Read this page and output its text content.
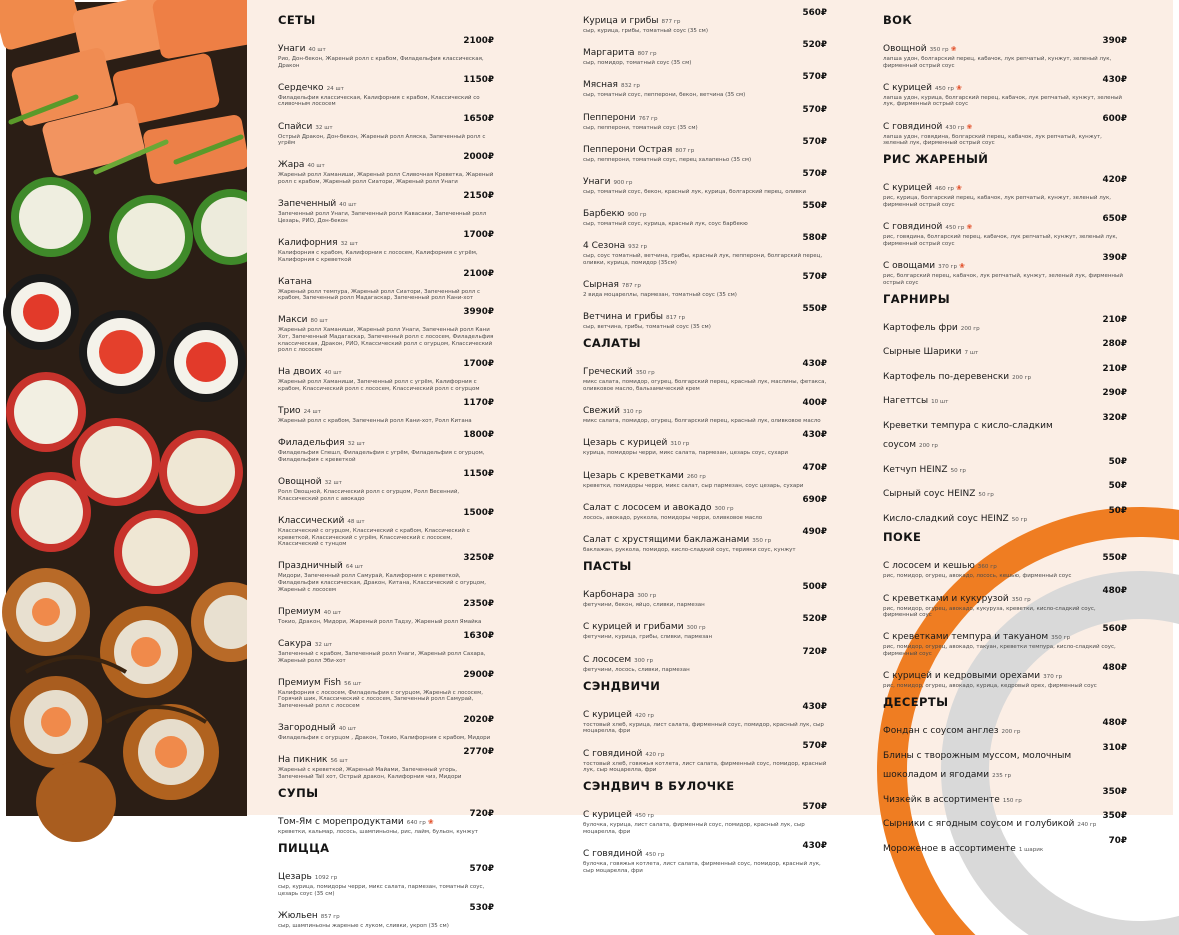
СЕТЫ
Унаги 40 шт
2100₽
Рио, Дон-бекон, Жареный ролл с крабом, Филадельфия классическая, Дракон
Сердечко 24 шт
1150₽
Филадельфия классическая, Калифорния с крабом, Классический со сливочным лососем
Спайси 32 шт
1650₽
Острый Дракон, Дон-бекон, Жареный ролл Аляска, Запеченный ролл с угрём
Жара 40 шт
2000₽
Жареный ролл Хаманиши, Жареный ролл Сливочная Креветка, Жареный ролл с крабом, Жареный ролл Сиатори, Жареный ролл Унаги
Запеченный 40 шт
2150₽
Запеченный ролл Унаги, Запеченный ролл Кавасаки, Запеченный ролл Цезарь, РИО, Дон-бекон
Калифорния 32 шт
1700₽
Калифорния с крабом, Калифорния с лососем, Калифорния с угрём, Калифорния с креветкой
Катана
2100₽
Жареный ролл темпура, Жареный ролл Сиатори, Запеченный ролл с крабом, Запеченный ролл Мадагаскар, Запеченный ролл Кани-хот
Макси 80 шт
3990₽
Жареный ролл Хаманиши, Жареный ролл Унаги, Запеченный ролл Кани Хот, Запеченный Мадагаскар, Запеченный ролл с лососем, Филадельфия классическая, Дракон, РИО, Классический ролл с огурцом, Классический ролл с лососем
На двоих 40 шт
1700₽
Жареный ролл Хаманиши, Запеченный ролл с угрём, Калифорния с крабом, Классический ролл с лососем, Классический ролл с огурцом
Трио 24 шт
1170₽
Жареный ролл с крабом, Запеченный ролл Кани-хот, Ролл Китана
Филадельфия 32 шт
1800₽
Филадельфия Спешл, Филадельфия с угрём, Филадельфия с огурцом, Филадельфия с креветкой
Овощной 32 шт
1150₽
Ролл Овощной, Классический ролл с огурцом, Ролл Весенний, Классический ролл с авокадо
Классический 48 шт
1500₽
Классический с огурцом, Классический с крабом, Классический с креветкой, Классический с угрём, Классический с лососем, Классический с тунцом
Праздничный 64 шт
3250₽
Мидори, Запеченный ролл Самурай, Калифорния с креветкой, Филадельфия классическая, Дракон, Китана, Классический с огурцом, Жареный с лососем
Премиум 40 шт
2350₽
Токио, Дракон, Мидори, Жареный ролл Тадзу, Жареный ролл Ямайка
Сакура 32 шт
1630₽
Запеченный с крабом, Запеченный ролл Унаги, Жареный ролл Сахара, Жареный ролл Эби-хот
Премиум Fish 56 шт
2900₽
Калифорния с лососем, Филадельфия с огурцом, Жареный с лососем, Горячий шик, Классический с лососем, Запеченный ролл Самурай, Запеченный ролл с лососем
Загородный 40 шт
2020₽
Филадельфия с огурцом , Дракон, Токио, Калифорния с крабом, Мидори
На пикник 56 шт
2770₽
Жареный с креветкой, Жареный Майами, Запеченный угорь, Запеченный Tail хот, Острый дракон, Калифорния чиз, Мидори
СУПЫ
Том-Ям с морепродуктами 640 гр ❀
720₽
креветки, кальмар, лосось, шампиньоны, рис, лайм, бульон, кунжут
ПИЦЦА
Цезарь 1092 гр
570₽
сыр, курица, помидоры черри, микс салата, пармезан, томатный соус, цезарь соус (35 см)
Жюльен 857 гр
530₽
сыр, шампиньоны жареные с луком, сливки, укроп (35 см)
Курица и грибы 877 гр
560₽
сыр, курица, грибы, томатный соус (35 см)
Маргарита 807 гр
520₽
сыр, помидор, томатный соус (35 см)
Мясная 832 гр
570₽
сыр, томатный соус, пепперони, бекон, ветчина (35 см)
Пепперони 767 гр
570₽
сыр, пепперони, томатный соус (35 см)
Пепперони Острая 807 гр
570₽
сыр, пепперони, томатный соус, перец халапеньо (35 см)
Унаги 900 гр
570₽
сыр, томатный соус, бекон, красный лук, курица, болгарский перец, оливки
Барбекю 900 гр
550₽
сыр, томатный соус, курица, красный лук, соус барбекю
4 Сезона 932 гр
580₽
сыр, соус томатный, ветчина, грибы, красный лук, пепперони, болгарский перец, оливки, курица, помидор (35см)
Сырная 787 гр
570₽
2 вида моцареллы, пармезан, томатный соус (35 см)
Ветчина и грибы 817 гр
550₽
сыр, ветчина, грибы, томатный соус (35 см)
САЛАТЫ
Греческий 350 гр
430₽
микс салата, помидор, огурец, болгарский перец, красный лук, маслины, фетакса, оливковое масло, бальзамический крем
Свежий 310 гр
400₽
микс салата, помидор, огурец, болгарский перец, красный лук, оливковое масло
Цезарь с курицей 310 гр
430₽
курица, помидоры черри, микс салата, пармезан, цезарь соус, сухари
Цезарь с креветками 260 гр
470₽
креветки, помидоры черри, микс салат, сыр пармезан, соус цезарь, сухари
Салат с лососем и авокадо 300 гр
690₽
лосось, авокадо, руккола, помидоры черри, оливковое масло
Салат с хрустящими баклажанами 350 гр
490₽
баклажан, руккола, помидор, кисло-сладкий соус, терияки соус, кунжут
ПАСТЫ
Карбонара 300 гр
500₽
фетучини, бекон, яйцо, сливки, пармезан
С курицей и грибами 300 гр
520₽
фетучини, курица, грибы, сливки, пармезан
С лососем 300 гр
720₽
фетучини, лосось, сливки, пармезан
СЭНДВИЧИ
С курицей 420 гр
430₽
тостовый хлеб, курица, лист салата, фирменный соус, помидор, красный лук, сыр моцарелла, фри
С говядиной 420 гр
570₽
тостовый хлеб, говяжья котлета, лист салата, фирменный соус, помидор, красный лук, сыр моцарелла, фри
СЭНДВИЧ В БУЛОЧКЕ
С курицей 450 гр
570₽
булочка, курица, лист салата, фирменный соус, помидор, красный лук, сыр моцарелла, фри
С говядиной 450 гр
430₽
булочка, говяжья котлета, лист салата, фирменный соус, помидор, красный лук, сыр моцарелла, фри
ВОК
Овощной 350 гр ❀
390₽
лапша удон, болгарский перец, кабачок, лук репчатый, кунжут, зеленый лук, фирменный острый соус
С курицей 450 гр ❀
430₽
лапша удон, курица, болгарский перец, кабачок, лук репчатый, кунжут, зеленый лук, фирменный острый соус
С говядиной 430 гр ❀
600₽
лапша удон, говядина, болгарский перец, кабачок, лук репчатый, кунжут, зеленый лук, фирменный острый соус
РИС ЖАРЕНЫЙ
С курицей 460 гр ❀
420₽
рис, курица, болгарский перец, кабачок, лук репчатый, кунжут, зеленый лук, фирменный острый соус
С говядиной 450 гр ❀
650₽
рис, говядина, болгарский перец, кабачок, лук репчатый, кунжут, зеленый лук, фирменный острый соус
С овощами 370 гр ❀
390₽
рис, болгарский перец, кабачок, лук репчатый, кунжут, зеленый лук, фирменный острый соус
ГАРНИРЫ
Картофель фри 200 гр
210₽
Сырные Шарики 7 шт
280₽
Картофель по-деревенски 200 гр
210₽
Нагеттсы 10 шт
290₽
Креветки темпура с кисло-сладким соусом 200 гр
320₽
Кетчуп HEINZ 50 гр
50₽
Сырный соус HEINZ 50 гр
50₽
Кисло-сладкий соус HEINZ 50 гр
50₽
ПОКЕ
С лососем и кешью 360 гр
550₽
рис, помидор, огурец, авокадо, лосось, кешью, фирменный соус
С креветками и кукурузой 350 гр
480₽
рис, помидор, огурец, авокадо, кукуруза, креветки, кисло-сладкий соус, фирменный соус
С креветками темпура и такуаном 350 гр
560₽
рис, помидор, огурец, авокадо, такуан, креветки темпура, кисло-сладкий соус, фирменный соус
С курицей и кедровыми орехами 370 гр
480₽
рис, помидор, огурец, авокадо, курица, кедровый орех, фирменный соус
ДЕСЕРТЫ
Фондан с соусом англез 200 гр
480₽
Блины с творожным муссом, молочным шоколадом и ягодами 235 гр
310₽
Чизкейк в ассортименте 150 гр
350₽
Сырники с ягодным соусом и голубикой 240 гр
350₽
Мороженое в ассортименте 1 шарик
70₽
